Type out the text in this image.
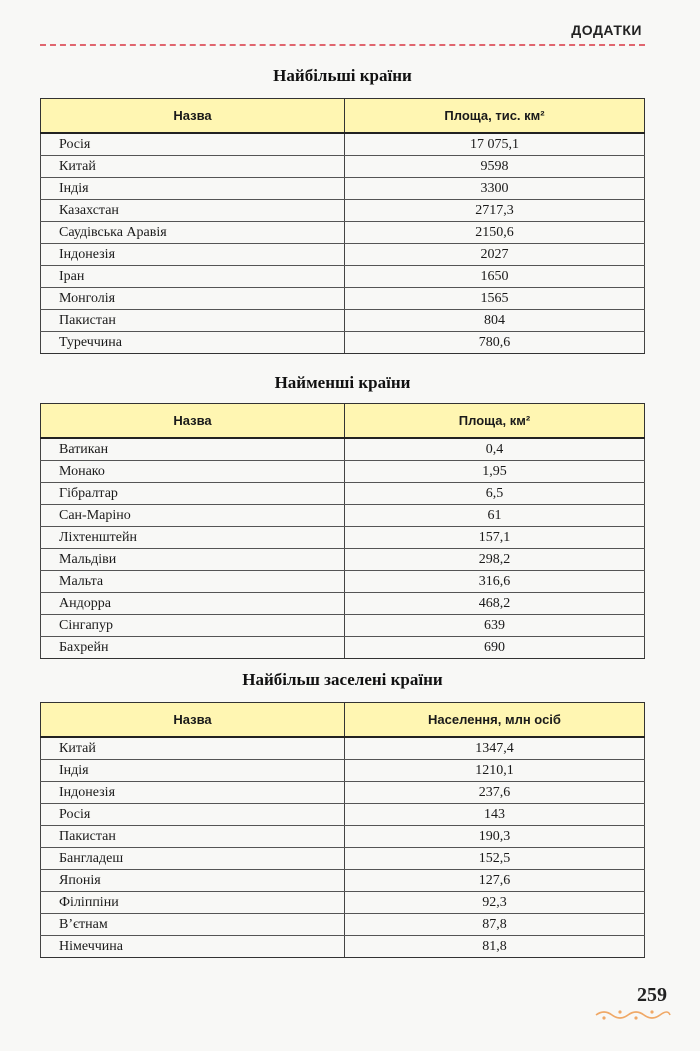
ДОДАТКИ
Найбільші країни
Назва	Площа, тис. км²
Росія	17 075,1
Китай	9598
Індія	3300
Казахстан	2717,3
Саудівська Аравія	2150,6
Індонезія	2027
Іран	1650
Монголія	1565
Пакистан	804
Туреччина	780,6
Найменші країни
Назва	Площа, км²
Ватикан	0,4
Монако	1,95
Гібралтар	6,5
Сан-Маріно	61
Ліхтенштейн	157,1
Мальдіви	298,2
Мальта	316,6
Андорра	468,2
Сінгапур	639
Бахрейн	690
Найбільш заселені країни
Назва	Населення, млн осіб
Китай	1347,4
Індія	1210,1
Індонезія	237,6
Росія	143
Пакистан	190,3
Бангладеш	152,5
Японія	127,6
Філіппіни	92,3
В’єтнам	87,8
Німеччина	81,8
259
